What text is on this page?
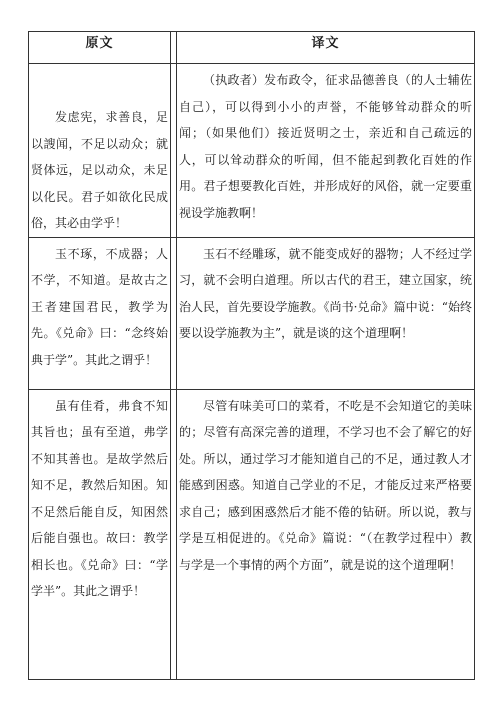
原文		译文

发虑宪，求善良，足以謏闻，不足以动众；就贤体远，足以动众，未足以化民。君子如欲化民成俗，其必由学乎！		（执政者）发布政令，征求品德善良（的人士辅佐自己），可以得到小小的声誉，不能够耸动群众的听闻；（如果他们）接近贤明之士，亲近和自己疏远的人，可以耸动群众的听闻，但不能起到教化百姓的作用。君子想要教化百姓，并形成好的风俗，就一定要重视设学施教啊！

玉不琢，不成器；人不学，不知道。是故古之王者建国君民，教学为先。《兑命》曰：“念终始典于学”。其此之谓乎！		玉石不经雕琢，就不能变成好的器物；人不经过学习，就不会明白道理。所以古代的君王，建立国家，统治人民，首先要设学施教。《尚书·兑命》篇中说：“始终要以设学施教为主”，就是谈的这个道理啊！

虽有佳肴，弗食不知其旨也；虽有至道，弗学不知其善也。是故学然后知不足，教然后知困。知不足然后能自反，知困然后能自强也。故曰：教学相长也。《兑命》曰：“学学半”。其此之谓乎！		尽管有味美可口的菜肴，不吃是不会知道它的美味的；尽管有高深完善的道理，不学习也不会了解它的好处。所以，通过学习才能知道自己的不足，通过教人才能感到困惑。知道自己学业的不足，才能反过来严格要求自己；感到困惑然后才能不倦的钻研。所以说，教与学是互相促进的。《兑命》篇说：“（在教学过程中）教与学是一个事情的两个方面”，就是说的这个道理啊！
